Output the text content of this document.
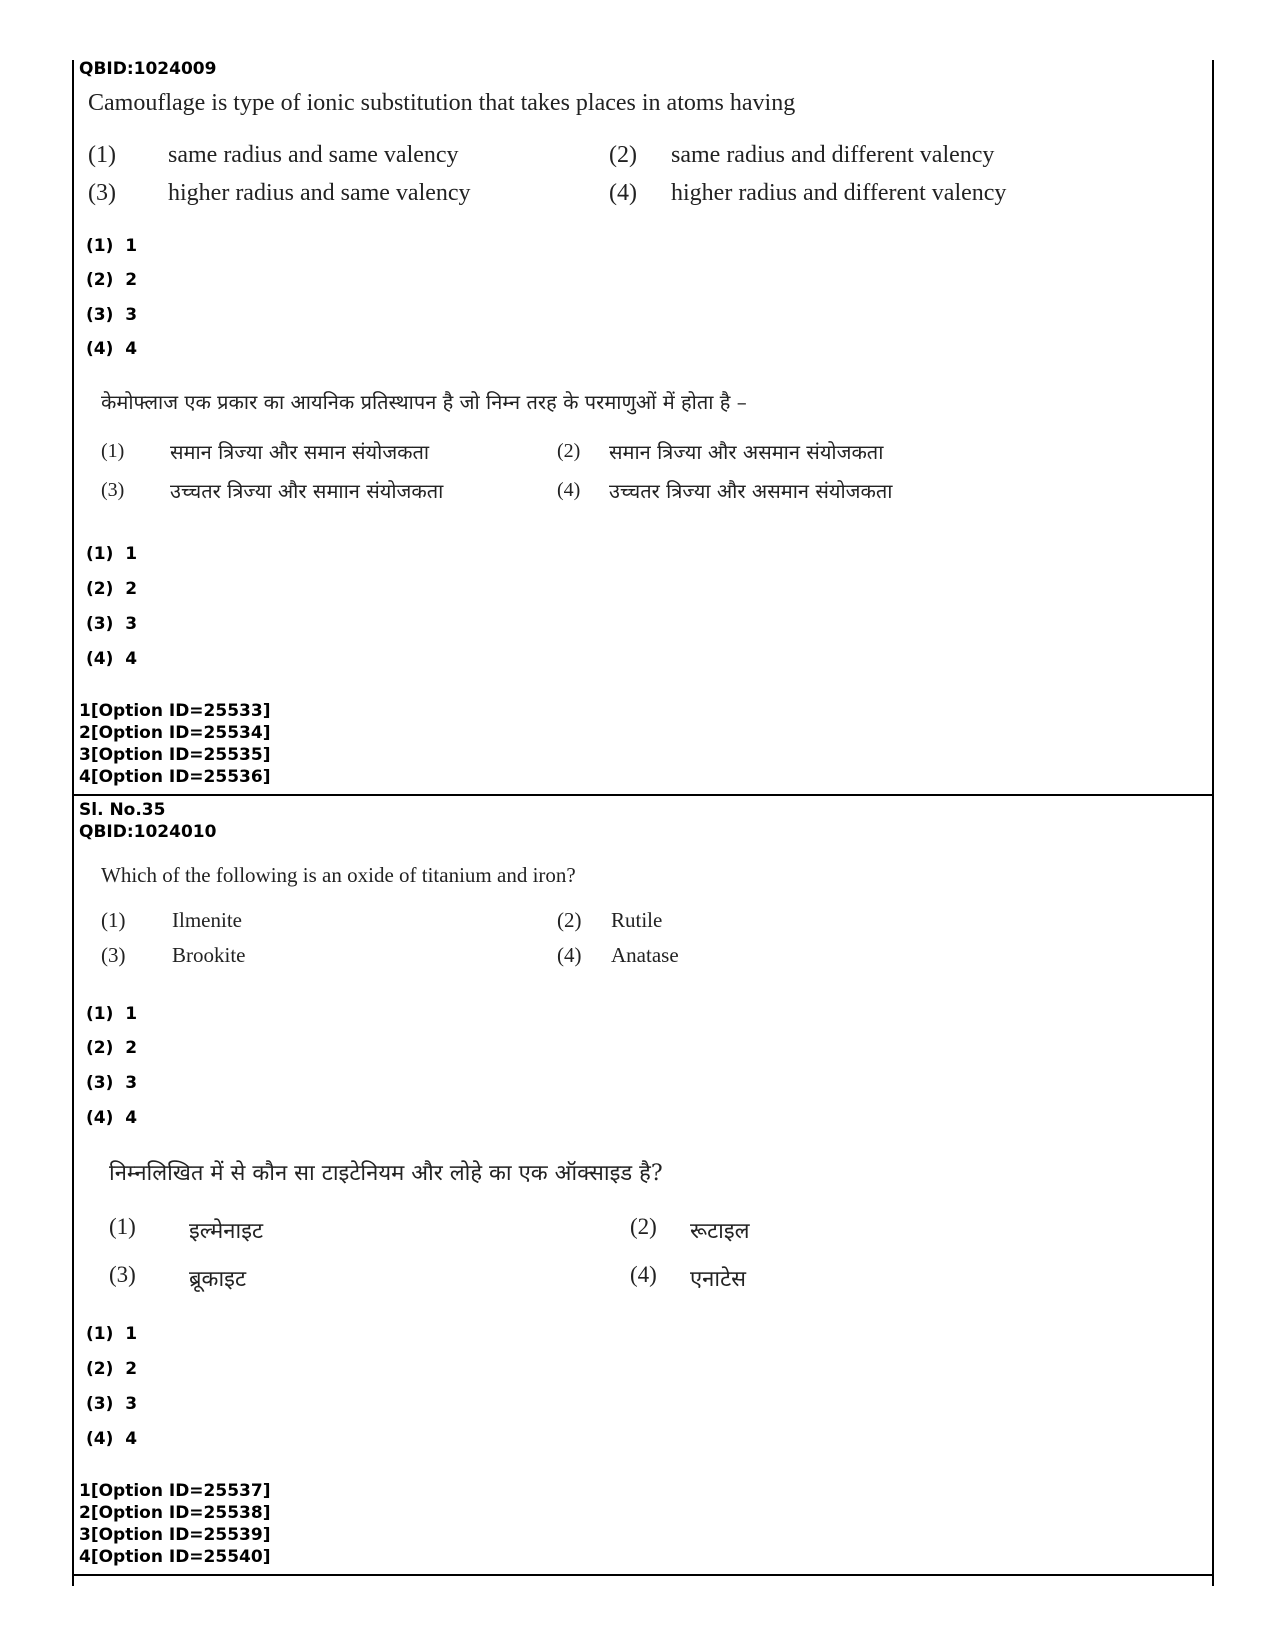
QBID:1024009
Camouflage is type of ionic substitution that takes places in atoms having
(1) same radius and same valency	(2) same radius and different valency
(3) higher radius and same valency	(4) higher radius and different valency
(1)  1
(2)  2
(3)  3
(4)  4
केमोफ्लाज एक प्रकार का आयनिक प्रतिस्थापन है जो निम्न तरह के परमाणुओं में होता है –
(1) समान त्रिज्या और समान संयोजकता	(2) समान त्रिज्या और असमान संयोजकता
(3) उच्चतर त्रिज्या और समाान संयोजकता	(4) उच्चतर त्रिज्या और असमान संयोजकता
(1)  1
(2)  2
(3)  3
(4)  4
1[Option ID=25533]
2[Option ID=25534]
3[Option ID=25535]
4[Option ID=25536]
Sl. No.35
QBID:1024010
Which of the following is an oxide of titanium and iron?
(1) Ilmenite	(2) Rutile
(3) Brookite	(4) Anatase
(1)  1
(2)  2
(3)  3
(4)  4
निम्नलिखित में से कौन सा टाइटेनियम और लोहे का एक ऑक्साइड है?
(1) इल्मेनाइट	(2) रूटाइल
(3) ब्रूकाइट	(4) एनाटेस
(1)  1
(2)  2
(3)  3
(4)  4
1[Option ID=25537]
2[Option ID=25538]
3[Option ID=25539]
4[Option ID=25540]
